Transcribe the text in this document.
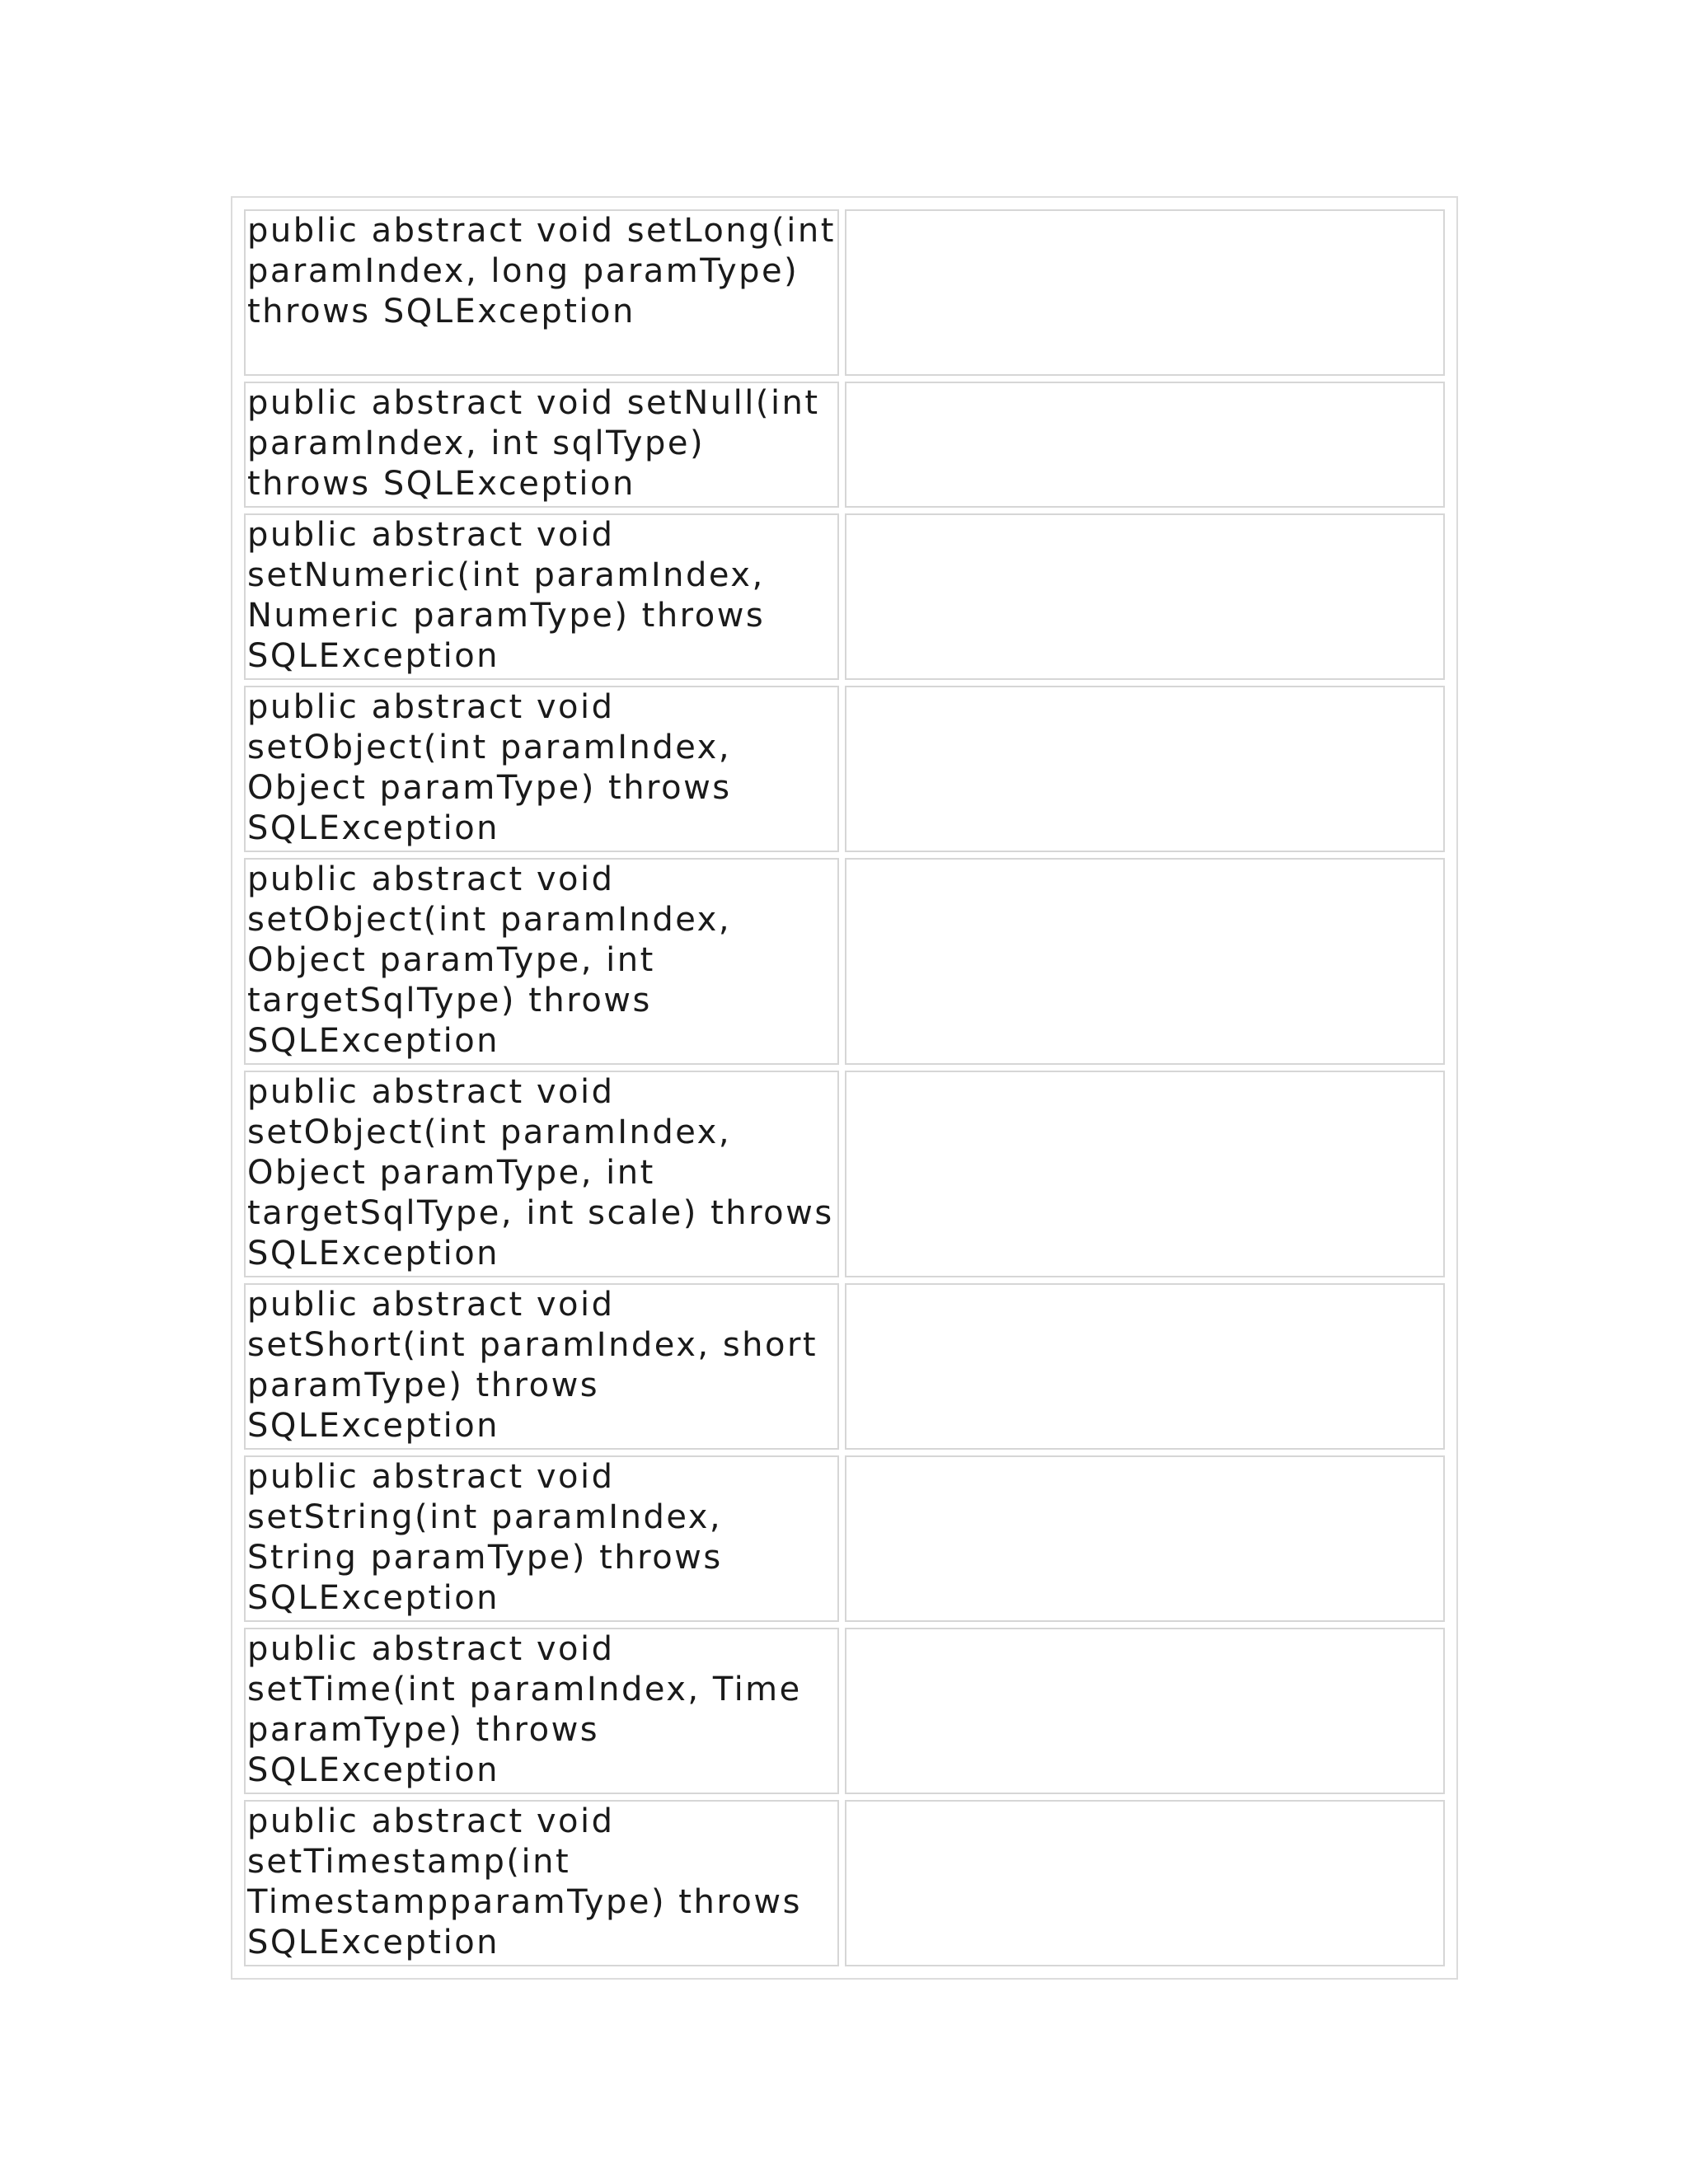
public abstract void setLong(int paramIndex, long paramType) throws SQLException	

public abstract void setNull(int paramIndex, int sqlType) throws SQLException	

public abstract void setNumeric(int paramIndex, Numeric paramType) throws SQLException	

public abstract void setObject(int paramIndex, Object paramType) throws SQLException	

public abstract void setObject(int paramIndex, Object paramType, int targetSqlType) throws SQLException	

public abstract void setObject(int paramIndex, Object paramType, int targetSqlType, int scale) throws SQLException	

public abstract void setShort(int paramIndex, short paramType) throws SQLException	

public abstract void setString(int paramIndex, String paramType) throws SQLException	

public abstract void setTime(int paramIndex, Time paramType) throws SQLException	

public abstract void setTimestamp(int TimestampparamType) throws SQLException	
